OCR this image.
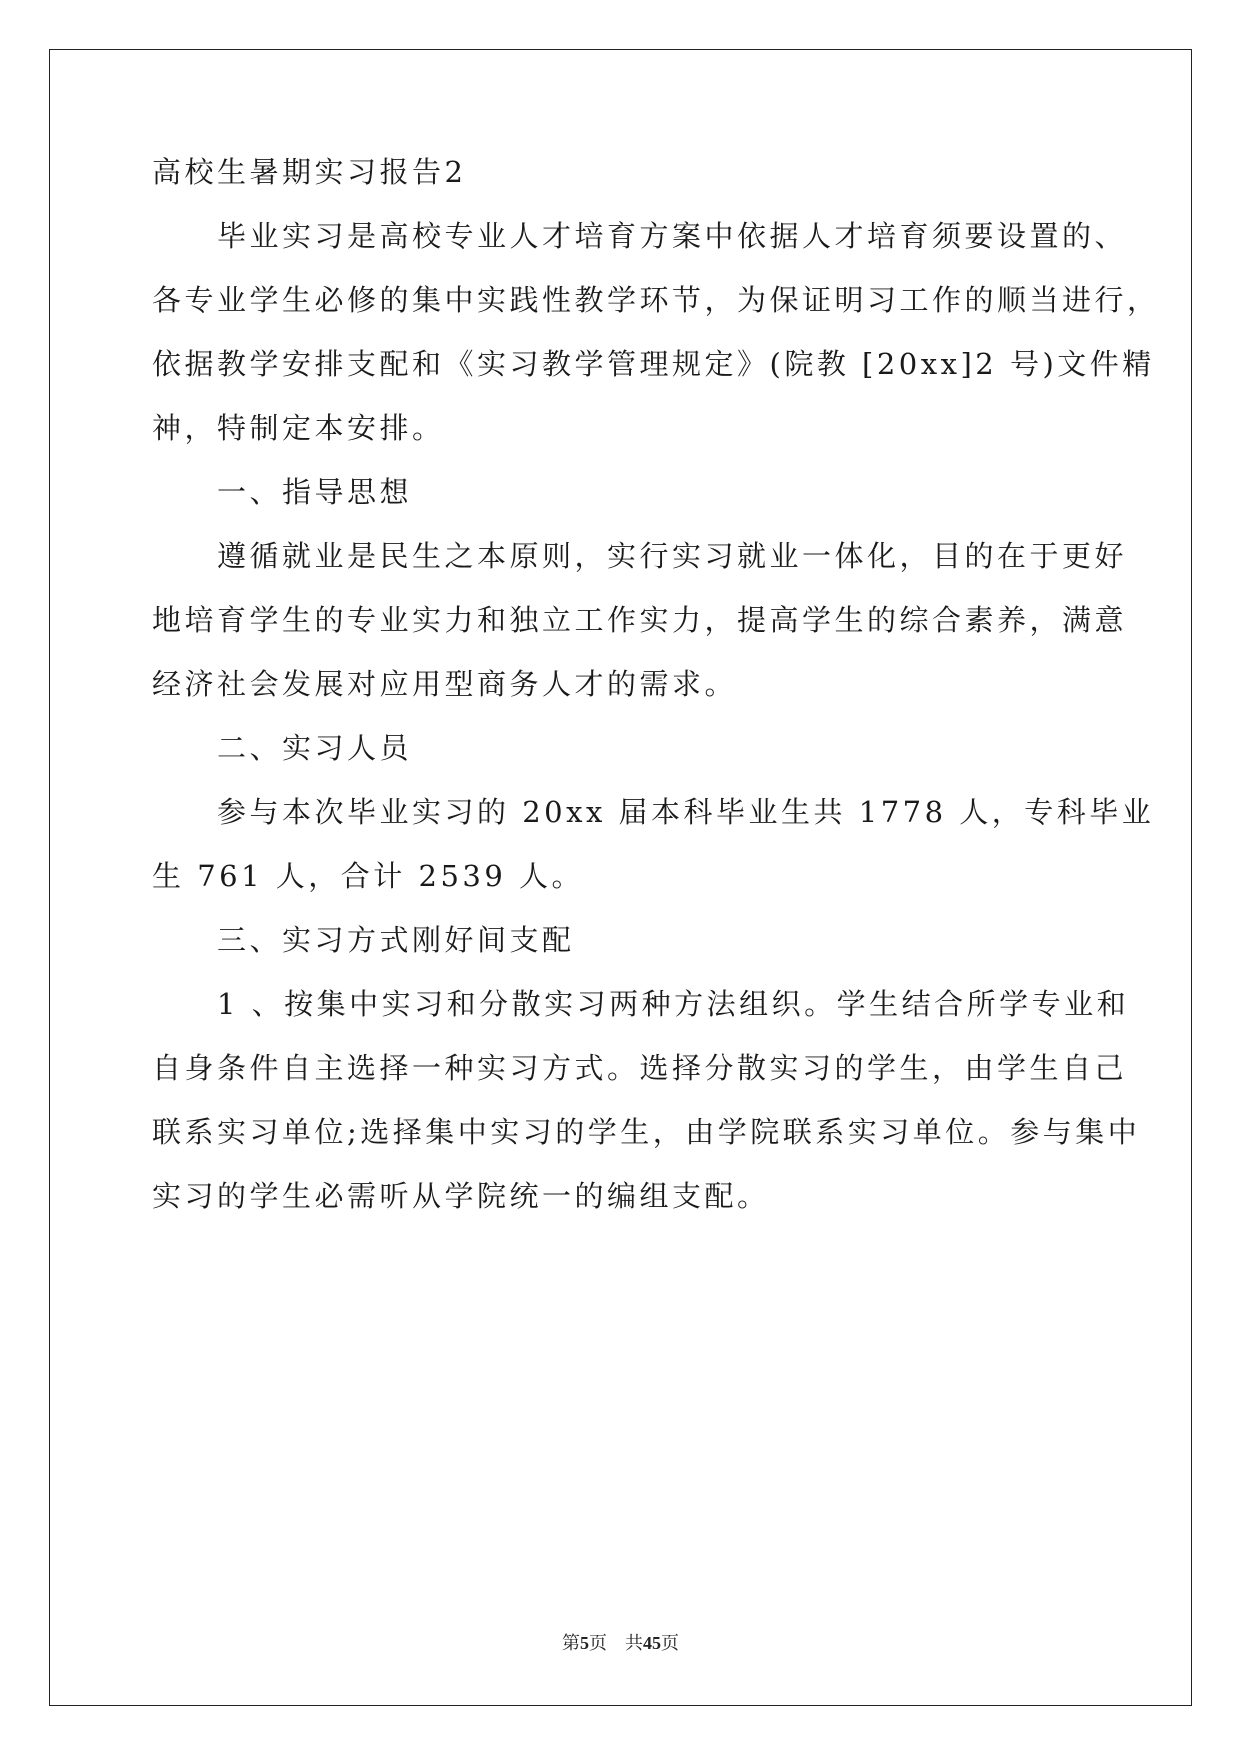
高校生暑期实习报告2
　　毕业实习是高校专业人才培育方案中依据人才培育须要设置的、
各专业学生必修的集中实践性教学环节，为保证明习工作的顺当进行，
依据教学安排支配和《实习教学管理规定》(院教 [20xx]2 号)文件精
神，特制定本安排。
　　一、指导思想
　　遵循就业是民生之本原则，实行实习就业一体化，目的在于更好
地培育学生的专业实力和独立工作实力，提高学生的综合素养，满意
经济社会发展对应用型商务人才的需求。
　　二、实习人员
　　参与本次毕业实习的 20xx 届本科毕业生共 1778 人，专科毕业
生 761 人，合计 2539 人。
　　三、实习方式刚好间支配
　　1 、按集中实习和分散实习两种方法组织。学生结合所学专业和
自身条件自主选择一种实习方式。选择分散实习的学生，由学生自己
联系实习单位;选择集中实习的学生，由学院联系实习单位。参与集中
实习的学生必需听从学院统一的编组支配。
第5页 共45页
